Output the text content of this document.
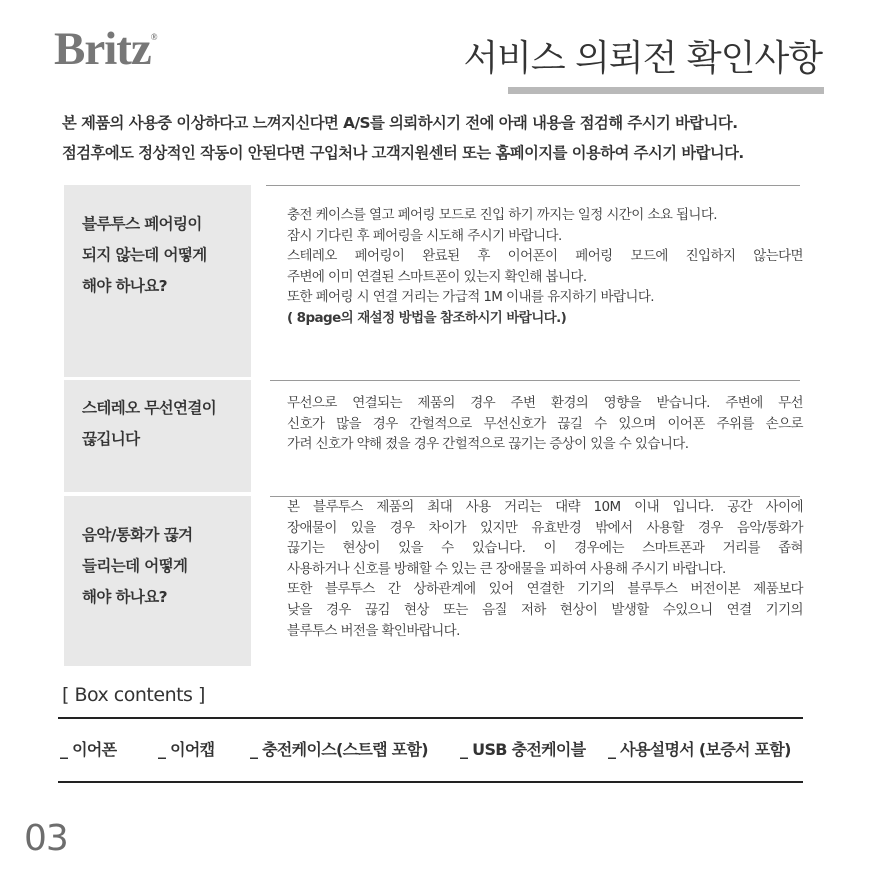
Britz®
서비스 의뢰전 확인사항
본 제품의 사용중 이상하다고 느껴지신다면 A/S를 의뢰하시기 전에 아래 내용을 점검해 주시기 바랍니다.
점검후에도 정상적인 작동이 안된다면 구입처나 고객지원센터 또는 홈페이지를 이용하여 주시기 바랍니다.
블루투스 페어링이
되지 않는데 어떻게
해야 하나요?
충전 케이스를 열고 페어링 모드로 진입 하기 까지는 일정 시간이 소요 됩니다.
잠시 기다린 후 페어링을 시도해 주시기 바랍니다.
스테레오 페어링이 완료된 후 이어폰이 페어링 모드에 진입하지 않는다면
주변에 이미 연결된 스마트폰이 있는지 확인해 봅니다.
또한 페어링 시 연결 거리는 가급적 1M 이내를 유지하기 바랍니다.
( 8page의 재설정 방법을 참조하시기 바랍니다.)
스테레오 무선연결이
끊깁니다
무선으로 연결되는 제품의 경우 주변 환경의 영향을 받습니다. 주변에 무선
신호가 많을 경우 간헐적으로 무선신호가 끊길 수 있으며 이어폰 주위를 손으로
가려 신호가 약해 졌을 경우 간헐적으로 끊기는 증상이 있을 수 있습니다.
음악/통화가 끊겨
들리는데 어떻게
해야 하나요?
본 블루투스 제품의 최대 사용 거리는 대략 10M 이내 입니다. 공간 사이에
장애물이 있을 경우 차이가 있지만 유효반경 밖에서 사용할 경우 음악/통화가
끊기는 현상이 있을 수 있습니다. 이 경우에는 스마트폰과 거리를 좁혀
사용하거나 신호를 방해할 수 있는 큰 장애물을 피하여 사용해 주시기 바랍니다.
또한 블루투스 간 상하관계에 있어 연결한 기기의 블루투스 버전이본 제품보다
낮을 경우 끊김 현상 또는 음질 저하 현상이 발생할 수있으니 연결 기기의
블루투스 버전을 확인바랍니다.
[ Box contents ]
_ 이어폰	_ 이어캡 _ 충전케이스(스트랩 포함) _ USB 충전케이블 _ 사용설명서 (보증서 포함)
03
